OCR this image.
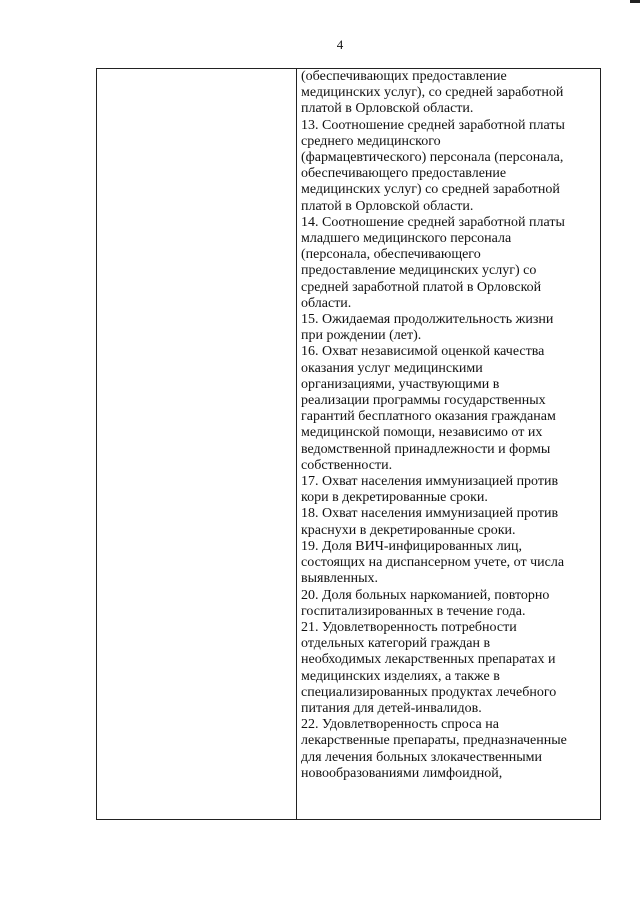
4
(обеспечивающих предоставление
медицинских услуг), со средней заработной
платой в Орловской области.
13. Соотношение средней заработной платы
среднего медицинского
(фармацевтического) персонала (персонала,
обеспечивающего предоставление
медицинских услуг) со средней заработной
платой в Орловской области.
14. Соотношение средней заработной платы
младшего медицинского персонала
(персонала, обеспечивающего
предоставление медицинских услуг) со
средней заработной платой в Орловской
области.
15. Ожидаемая продолжительность жизни
при рождении (лет).
16. Охват независимой оценкой качества
оказания услуг медицинскими
организациями, участвующими в
реализации программы государственных
гарантий бесплатного оказания гражданам
медицинской помощи, независимо от их
ведомственной принадлежности и формы
собственности.
17. Охват населения иммунизацией против
кори в декретированные сроки.
18. Охват населения иммунизацией против
краснухи в декретированные сроки.
19. Доля ВИЧ-инфицированных лиц,
состоящих на диспансерном учете, от числа
выявленных.
20. Доля больных наркоманией, повторно
госпитализированных в течение года.
21. Удовлетворенность потребности
отдельных категорий граждан в
необходимых лекарственных препаратах и
медицинских изделиях, а также в
специализированных продуктах лечебного
питания для детей-инвалидов.
22. Удовлетворенность спроса на
лекарственные препараты, предназначенные
для лечения больных злокачественными
новообразованиями лимфоидной,
